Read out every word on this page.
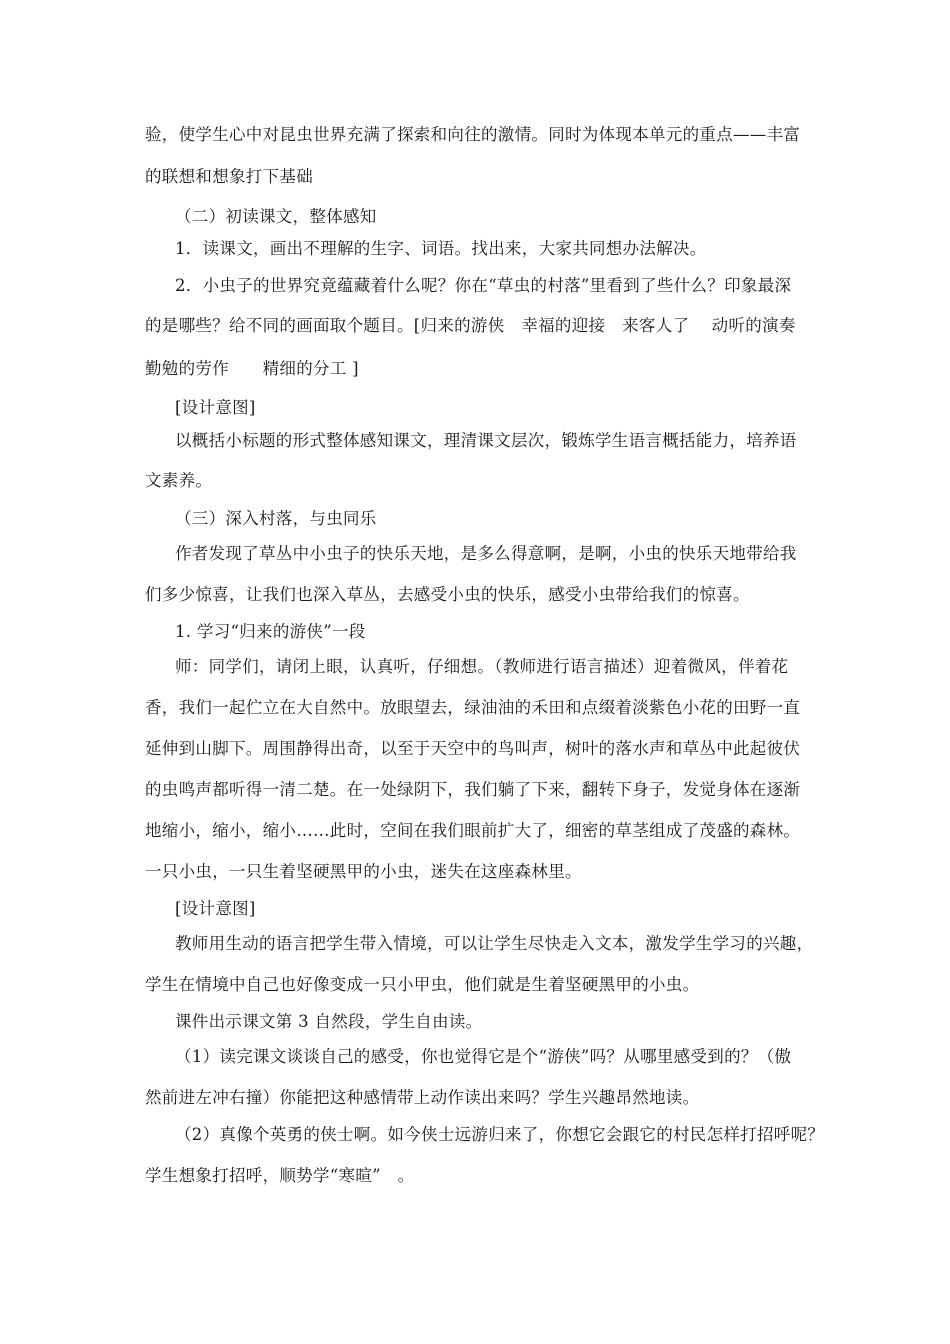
验，使学生心中对昆虫世界充满了探索和向往的激情。同时为体现本单元的重点——丰富
的联想和想象打下基础
（二）初读课文，整体感知
1．读课文，画出不理解的生字、词语。找出来，大家共同想办法解决。
2．小虫子的世界究竟蕴藏着什么呢？你在“草虫的村落”里看到了些什么？印象最深
的是哪些？给不同的画面取个题目。[归来的游侠　幸福的迎接　来客人了　 动听的演奏
勤勉的劳作　　精细的分工 ]
[设计意图]
以概括小标题的形式整体感知课文，理清课文层次，锻炼学生语言概括能力，培养语
文素养。
（三）深入村落，与虫同乐
作者发现了草丛中小虫子的快乐天地，是多么得意啊，是啊，小虫的快乐天地带给我
们多少惊喜，让我们也深入草丛，去感受小虫的快乐，感受小虫带给我们的惊喜。
1. 学习“归来的游侠”一段
师：同学们，请闭上眼，认真听，仔细想。（教师进行语言描述）迎着微风，伴着花
香，我们一起伫立在大自然中。放眼望去，绿油油的禾田和点缀着淡紫色小花的田野一直
延伸到山脚下。周围静得出奇，以至于天空中的鸟叫声，树叶的落水声和草丛中此起彼伏
的虫鸣声都听得一清二楚。在一处绿阴下，我们躺了下来，翻转下身子，发觉身体在逐渐
地缩小，缩小，缩小……此时，空间在我们眼前扩大了，细密的草茎组成了茂盛的森林。
一只小虫，一只生着坚硬黑甲的小虫，迷失在这座森林里。
[设计意图]
教师用生动的语言把学生带入情境，可以让学生尽快走入文本，激发学生学习的兴趣，
学生在情境中自己也好像变成一只小甲虫，他们就是生着坚硬黑甲的小虫。
课件出示课文第 3 自然段，学生自由读。
（1）读完课文谈谈自己的感受，你也觉得它是个“游侠”吗？从哪里感受到的？（傲
然前进左冲右撞）你能把这种感情带上动作读出来吗？学生兴趣昂然地读。
（2）真像个英勇的侠士啊。如今侠士远游归来了，你想它会跟它的村民怎样打招呼呢？
学生想象打招呼，顺势学“寒暄”　。
